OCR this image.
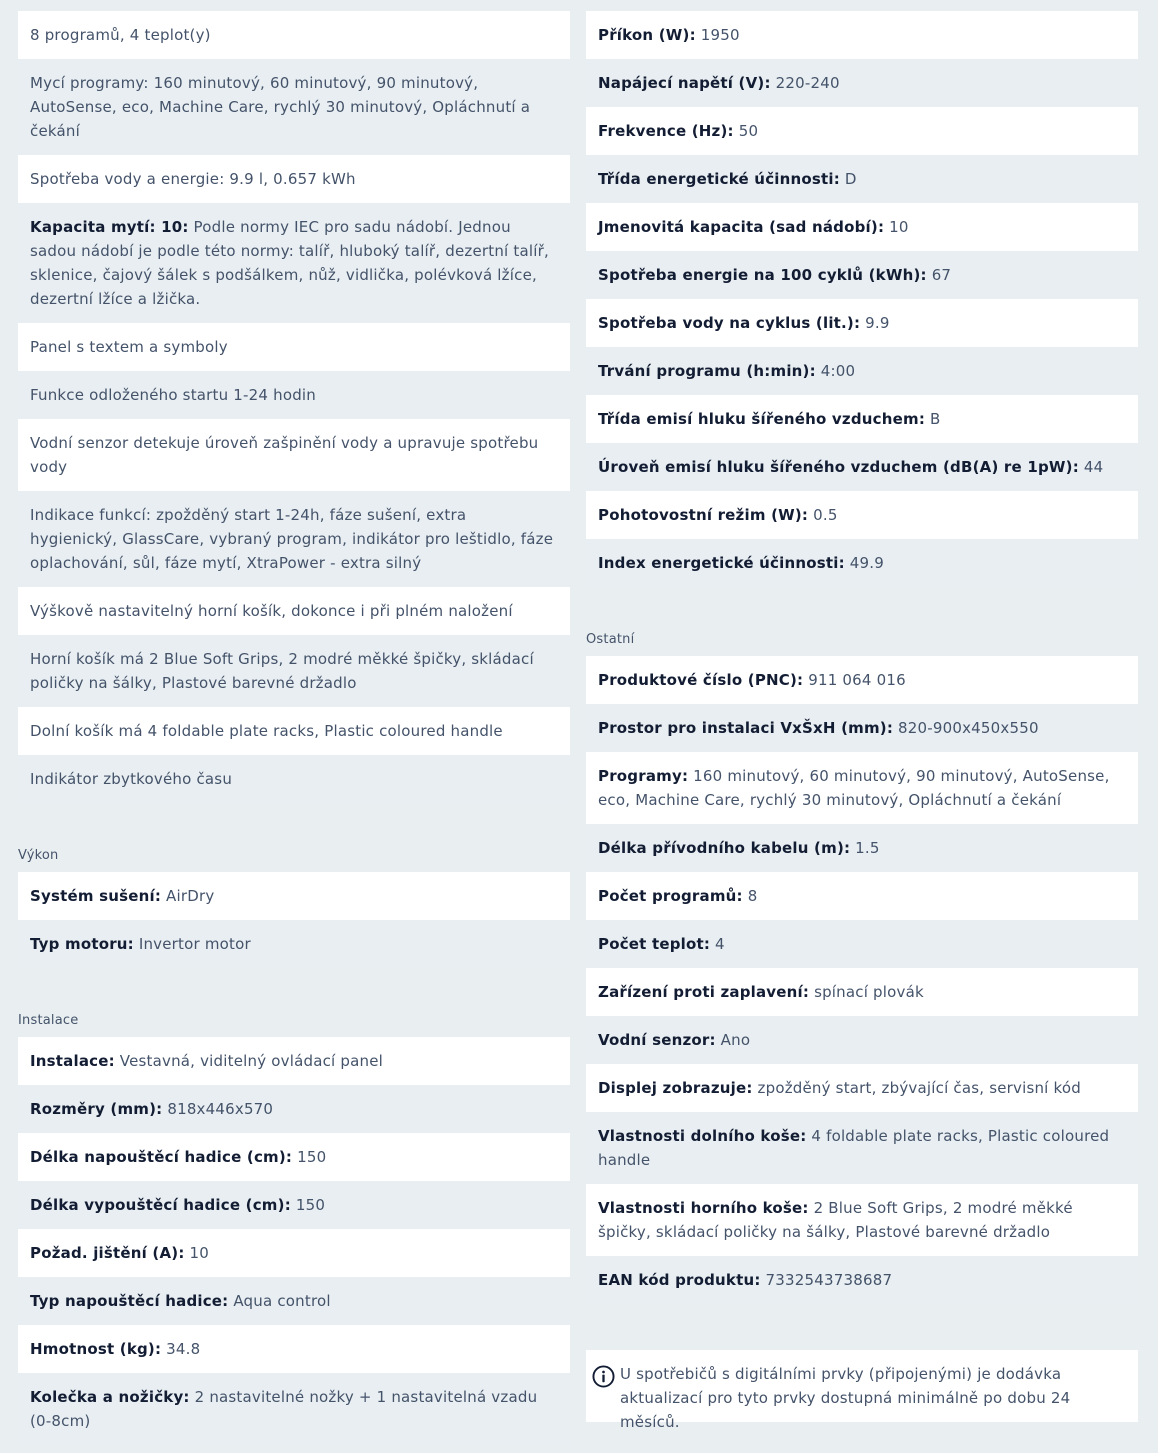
8 programů, 4 teplot(y)
Mycí programy: 160 minutový, 60 minutový, 90 minutový, AutoSense, eco, Machine Care, rychlý 30 minutový, Opláchnutí a čekání
Spotřeba vody a energie: 9.9 l, 0.657 kWh
Kapacita mytí: 10: Podle normy IEC pro sadu nádobí. Jednou sadou nádobí je podle této normy: talíř, hluboký talíř, dezertní talíř, sklenice, čajový šálek s podšálkem, nůž, vidlička, polévková lžíce, dezertní lžíce a lžička.
Panel s textem a symboly
Funkce odloženého startu 1-24 hodin
Vodní senzor detekuje úroveň zašpinění vody a upravuje spotřebu vody
Indikace funkcí: zpožděný start 1-24h, fáze sušení, extra hygienický, GlassCare, vybraný program, indikátor pro leštidlo, fáze oplachování, sůl, fáze mytí, XtraPower - extra silný
Výškově nastavitelný horní košík, dokonce i při plném naložení
Horní košík má 2 Blue Soft Grips, 2 modré měkké špičky, skládací poličky na šálky, Plastové barevné držadlo
Dolní košík má 4 foldable plate racks, Plastic coloured handle
Indikátor zbytkového času
Výkon
Systém sušení: AirDry
Typ motoru: Invertor motor
Instalace
Instalace: Vestavná, viditelný ovládací panel
Rozměry (mm): 818x446x570
Délka napouštěcí hadice (cm): 150
Délka vypouštěcí hadice (cm): 150
Požad. jištění (A): 10
Typ napouštěcí hadice: Aqua control
Hmotnost (kg): 34.8
Kolečka a nožičky: 2 nastavitelné nožky + 1 nastavitelná vzadu (0-8cm)
Příkon (W): 1950
Napájecí napětí (V): 220-240
Frekvence (Hz): 50
Třída energetické účinnosti: D
Jmenovitá kapacita (sad nádobí): 10
Spotřeba energie na 100 cyklů (kWh): 67
Spotřeba vody na cyklus (lit.): 9.9
Trvání programu (h:min): 4:00
Třída emisí hluku šířeného vzduchem: B
Úroveň emisí hluku šířeného vzduchem (dB(A) re 1pW): 44
Pohotovostní režim (W): 0.5
Index energetické účinnosti: 49.9
Ostatní
Produktové číslo (PNC): 911 064 016
Prostor pro instalaci VxŠxH (mm): 820-900x450x550
Programy: 160 minutový, 60 minutový, 90 minutový, AutoSense, eco, Machine Care, rychlý 30 minutový, Opláchnutí a čekání
Délka přívodního kabelu (m): 1.5
Počet programů: 8
Počet teplot: 4
Zařízení proti zaplavení: spínací plovák
Vodní senzor: Ano
Displej zobrazuje: zpožděný start, zbývající čas, servisní kód
Vlastnosti dolního koše: 4 foldable plate racks, Plastic coloured handle
Vlastnosti horního koše: 2 Blue Soft Grips, 2 modré měkké špičky, skládací poličky na šálky, Plastové barevné držadlo
EAN kód produktu: 7332543738687
U spotřebičů s digitálními prvky (připojenými) je dodávka aktualizací pro tyto prvky dostupná minimálně po dobu 24 měsíců.
